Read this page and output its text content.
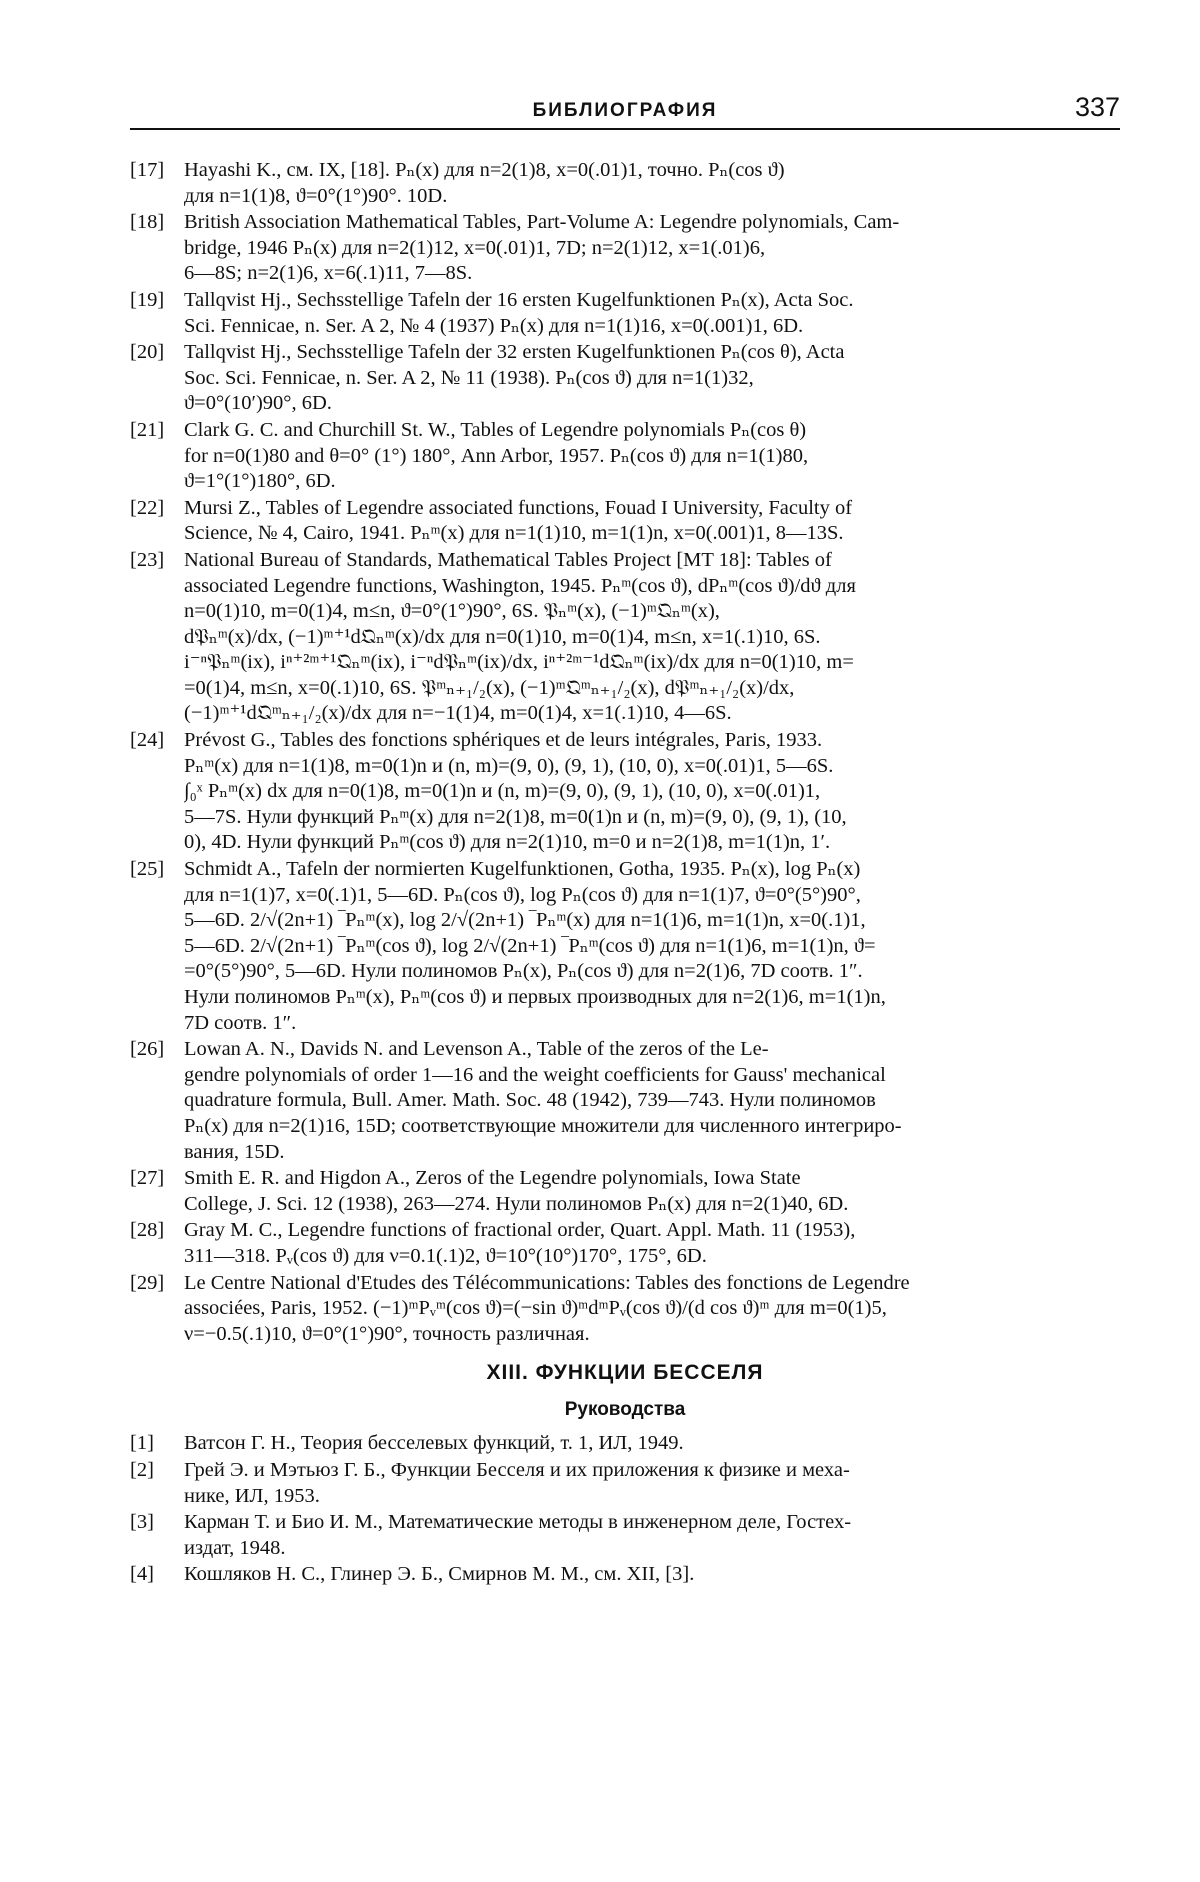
БИБЛИОГРАФИЯ	337
[17] Hayashi K., см. IX, [18]. Pₙ(x) для n=2(1)8, x=0(.01)1, точно. Pₙ(cos ϑ)
для n=1(1)8, ϑ=0°(1°)90°. 10D.
[18] British Association Mathematical Tables, Part-Volume A: Legendre polynomials, Cam-
bridge, 1946 Pₙ(x) для n=2(1)12, x=0(.01)1, 7D; n=2(1)12, x=1(.01)6,
6—8S; n=2(1)6, x=6(.1)11, 7—8S.
[19] Tallqvist Hj., Sechsstellige Tafeln der 16 ersten Kugelfunktionen Pₙ(x), Acta Soc.
Sci. Fennicae, n. Ser. A 2, № 4 (1937) Pₙ(x) для n=1(1)16, x=0(.001)1, 6D.
[20] Tallqvist Hj., Sechsstellige Tafeln der 32 ersten Kugelfunktionen Pₙ(cos θ), Acta
Soc. Sci. Fennicae, n. Ser. A 2, № 11 (1938). Pₙ(cos ϑ) для n=1(1)32,
ϑ=0°(10′)90°, 6D.
[21] Clark G. C. and Churchill St. W., Tables of Legendre polynomials Pₙ(cos θ)
for n=0(1)80 and θ=0° (1°) 180°, Ann Arbor, 1957. Pₙ(cos ϑ) для n=1(1)80,
ϑ=1°(1°)180°, 6D.
[22] Mursi Z., Tables of Legendre associated functions, Fouad I University, Faculty of
Science, № 4, Cairo, 1941. Pₙᵐ(x) для n=1(1)10, m=1(1)n, x=0(.001)1, 8—13S.
[23] National Bureau of Standards, Mathematical Tables Project [MT 18]: Tables of
associated Legendre functions, Washington, 1945. Pₙᵐ(cos ϑ), dPₙᵐ(cos ϑ)/dϑ для
n=0(1)10, m=0(1)4, m≤n, ϑ=0°(1°)90°, 6S. 𝔓ₙᵐ(x), (−1)ᵐ𝔔ₙᵐ(x),
d𝔓ₙᵐ(x)/dx, (−1)ᵐ⁺¹d𝔔ₙᵐ(x)/dx для n=0(1)10, m=0(1)4, m≤n, x=1(.1)10, 6S.
i⁻ⁿ𝔓ₙᵐ(ix), iⁿ⁺²ᵐ⁺¹𝔔ₙᵐ(ix), i⁻ⁿd𝔓ₙᵐ(ix)/dx, iⁿ⁺²ᵐ⁻¹d𝔔ₙᵐ(ix)/dx для n=0(1)10, m=
=0(1)4, m≤n, x=0(.1)10, 6S. 𝔓ᵐₙ₊₁/₂(x), (−1)ᵐ𝔔ᵐₙ₊₁/₂(x), d𝔓ᵐₙ₊₁/₂(x)/dx,
(−1)ᵐ⁺¹d𝔔ᵐₙ₊₁/₂(x)/dx для n=−1(1)4, m=0(1)4, x=1(.1)10, 4—6S.
[24] Prévost G., Tables des fonctions sphériques et de leurs intégrales, Paris, 1933.
Pₙᵐ(x) для n=1(1)8, m=0(1)n и (n, m)=(9, 0), (9, 1), (10, 0), x=0(.01)1, 5—6S.
∫₀ˣ Pₙᵐ(x) dx для n=0(1)8, m=0(1)n и (n, m)=(9, 0), (9, 1), (10, 0), x=0(.01)1,
5—7S. Нули функций Pₙᵐ(x) для n=2(1)8, m=0(1)n и (n, m)=(9, 0), (9, 1), (10,
0), 4D. Нули функций Pₙᵐ(cos ϑ) для n=2(1)10, m=0 и n=2(1)8, m=1(1)n, 1′.
[25] Schmidt A., Tafeln der normierten Kugelfunktionen, Gotha, 1935. Pₙ(x), log Pₙ(x)
для n=1(1)7, x=0(.1)1, 5—6D. Pₙ(cos ϑ), log Pₙ(cos ϑ) для n=1(1)7, ϑ=0°(5°)90°,
5—6D. 2/√(2n+1) ‾Pₙᵐ(x), log 2/√(2n+1) ‾Pₙᵐ(x) для n=1(1)6, m=1(1)n, x=0(.1)1,
5—6D. 2/√(2n+1) ‾Pₙᵐ(cos ϑ), log 2/√(2n+1) ‾Pₙᵐ(cos ϑ) для n=1(1)6, m=1(1)n, ϑ=
=0°(5°)90°, 5—6D. Нули полиномов Pₙ(x), Pₙ(cos ϑ) для n=2(1)6, 7D соотв. 1″.
Нули полиномов Pₙᵐ(x), Pₙᵐ(cos ϑ) и первых производных для n=2(1)6, m=1(1)n,
7D соотв. 1″.
[26] Lowan A. N., Davids N. and Levenson A., Table of the zeros of the Le-
gendre polynomials of order 1—16 and the weight coefficients for Gauss' mechanical
quadrature formula, Bull. Amer. Math. Soc. 48 (1942), 739—743. Нули полиномов
Pₙ(x) для n=2(1)16, 15D; соответствующие множители для численного интегриро-
вания, 15D.
[27] Smith E. R. and Higdon A., Zeros of the Legendre polynomials, Iowa State
College, J. Sci. 12 (1938), 263—274. Нули полиномов Pₙ(x) для n=2(1)40, 6D.
[28] Gray M. C., Legendre functions of fractional order, Quart. Appl. Math. 11 (1953),
311—318. Pᵥ(cos ϑ) для ν=0.1(.1)2, ϑ=10°(10°)170°, 175°, 6D.
[29] Le Centre National d'Etudes des Télécommunications: Tables des fonctions de Legendre
associées, Paris, 1952. (−1)ᵐPᵥᵐ(cos ϑ)=(−sin ϑ)ᵐdᵐPᵥ(cos ϑ)/(d cos ϑ)ᵐ для m=0(1)5,
ν=−0.5(.1)10, ϑ=0°(1°)90°, точность различная.
XIII. ФУНКЦИИ БЕССЕЛЯ
Руководства
[1] Ватсон Г. Н., Теория бесселевых функций, т. 1, ИЛ, 1949.
[2] Грей Э. и Мэтьюз Г. Б., Функции Бесселя и их приложения к физике и меха-
нике, ИЛ, 1953.
[3] Карман Т. и Био И. М., Математические методы в инженерном деле, Гостех-
издат, 1948.
[4] Кошляков Н. С., Глинер Э. Б., Смирнов М. М., см. XII, [3].
